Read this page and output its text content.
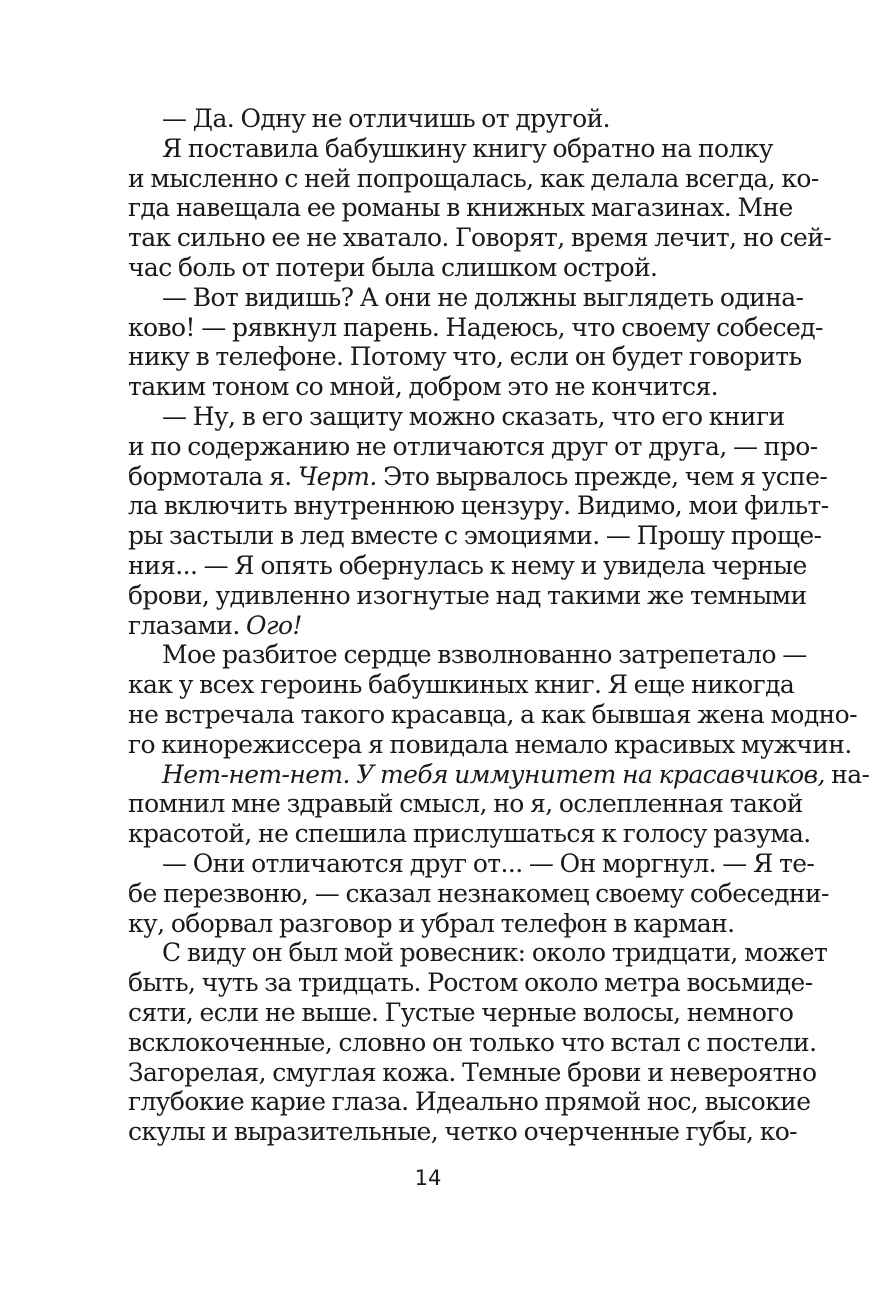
— Да. Одну не отличишь от другой.
Я поставила бабушкину книгу обратно на полку
и мысленно с ней попрощалась, как делала всегда, ко-
гда навещала ее романы в книжных магазинах. Мне
так сильно ее не хватало. Говорят, время лечит, но сей-
час боль от потери была слишком острой.
— Вот видишь? А они не должны выглядеть одина-
ково! — рявкнул парень. Надеюсь, что своему собесед-
нику в телефоне. Потому что, если он будет говорить
таким тоном со мной, добром это не кончится.
— Ну, в его защиту можно сказать, что его книги
и по содержанию не отличаются друг от друга, — про-
бормотала я. Черт. Это вырвалось прежде, чем я успе-
ла включить внутреннюю цензуру. Видимо, мои фильт-
ры застыли в лед вместе с эмоциями. — Прошу проще-
ния... — Я опять обернулась к нему и увидела черные
брови, удивленно изогнутые над такими же темными
глазами. Ого!
Мое разбитое сердце взволнованно затрепетало —
как у всех героинь бабушкиных книг. Я еще никогда
не встречала такого красавца, а как бывшая жена модно-
го кинорежиссера я повидала немало красивых мужчин.
Нет-нет-нет. У тебя иммунитет на красавчиков, на-
помнил мне здравый смысл, но я, ослепленная такой
красотой, не спешила прислушаться к голосу разума.
— Они отличаются друг от... — Он моргнул. — Я те-
бе перезвоню, — сказал незнакомец своему собеседни-
ку, оборвал разговор и убрал телефон в карман.
С виду он был мой ровесник: около тридцати, может
быть, чуть за тридцать. Ростом около метра восьмиде-
сяти, если не выше. Густые черные волосы, немного
всклокоченные, словно он только что встал с постели.
Загорелая, смуглая кожа. Темные брови и невероятно
глубокие карие глаза. Идеально прямой нос, высокие
скулы и выразительные, четко очерченные губы, ко-
14
